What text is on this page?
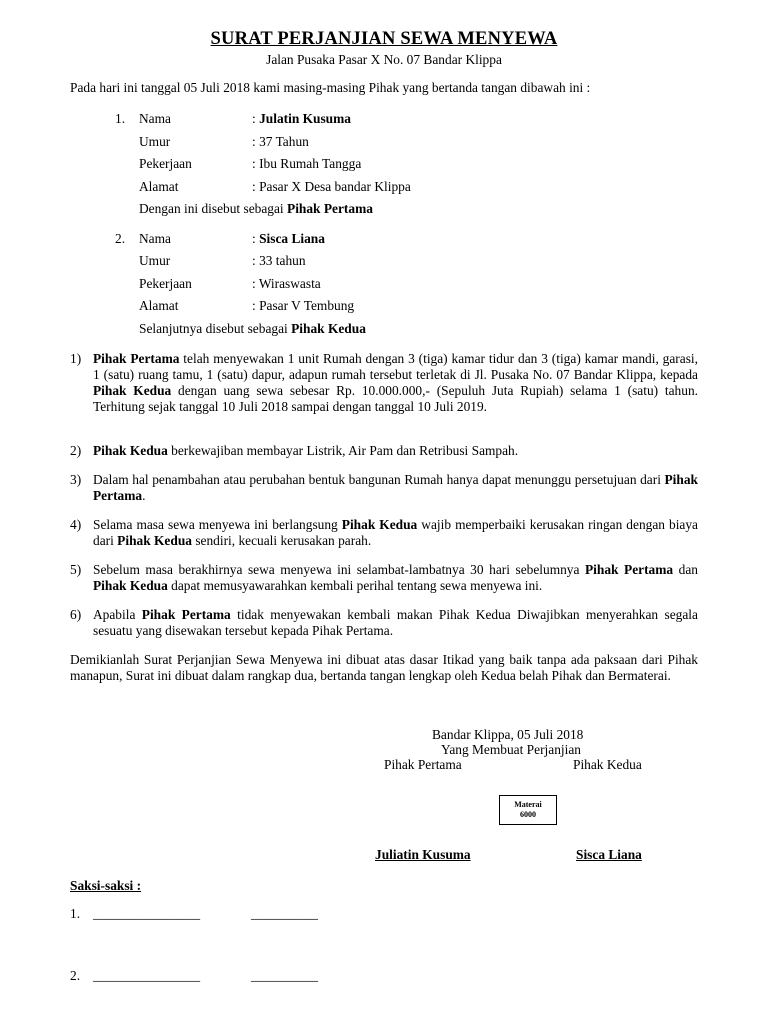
SURAT PERJANJIAN SEWA MENYEWA
Jalan Pusaka Pasar X No. 07 Bandar Klippa
Pada hari ini tanggal 05 Juli 2018 kami masing-masing Pihak yang bertanda tangan dibawah ini :
1. Nama	: Julatin Kusuma
Umur	: 37 Tahun
Pekerjaan	: Ibu Rumah Tangga
Alamat	: Pasar X Desa bandar Klippa
Dengan ini disebut sebagai Pihak Pertama
2. Nama	: Sisca Liana
Umur	: 33 tahun
Pekerjaan	: Wiraswasta
Alamat	: Pasar V Tembung
Selanjutnya disebut sebagai Pihak Kedua
1) Pihak Pertama telah menyewakan 1 unit Rumah dengan 3 (tiga) kamar tidur dan 3 (tiga) kamar mandi, garasi, 1 (satu) ruang tamu, 1 (satu) dapur, adapun rumah tersebut terletak di Jl. Pusaka No. 07 Bandar Klippa, kepada Pihak Kedua dengan uang sewa sebesar Rp. 10.000.000,- (Sepuluh Juta Rupiah) selama 1 (satu) tahun. Terhitung sejak tanggal 10 Juli 2018 sampai dengan tanggal 10 Juli 2019.
2) Pihak Kedua berkewajiban membayar Listrik, Air Pam dan Retribusi Sampah.
3) Dalam hal penambahan atau perubahan bentuk bangunan Rumah hanya dapat menunggu persetujuan dari Pihak Pertama.
4) Selama masa sewa menyewa ini berlangsung Pihak Kedua wajib memperbaiki kerusakan ringan dengan biaya dari Pihak Kedua sendiri, kecuali kerusakan parah.
5) Sebelum masa berakhirnya sewa menyewa ini selambat-lambatnya 30 hari sebelumnya Pihak Pertama dan Pihak Kedua dapat memusyawarahkan kembali perihal tentang sewa menyewa ini.
6) Apabila Pihak Pertama tidak menyewakan kembali makan Pihak Kedua Diwajibkan menyerahkan segala sesuatu yang disewakan tersebut kepada Pihak Pertama.
Demikianlah Surat Perjanjian Sewa Menyewa ini dibuat atas dasar Itikad yang baik tanpa ada paksaan dari Pihak manapun, Surat ini dibuat dalam rangkap dua, bertanda tangan lengkap oleh Kedua belah Pihak dan Bermaterai.
Bandar Klippa, 05 Juli 2018
Yang Membuat Perjanjian
Pihak Pertama	Pihak Kedua
Materai
6000
Juliatin Kusuma	Sisca Liana
Saksi-saksi :
1. ________________	__________
2. ________________	__________
